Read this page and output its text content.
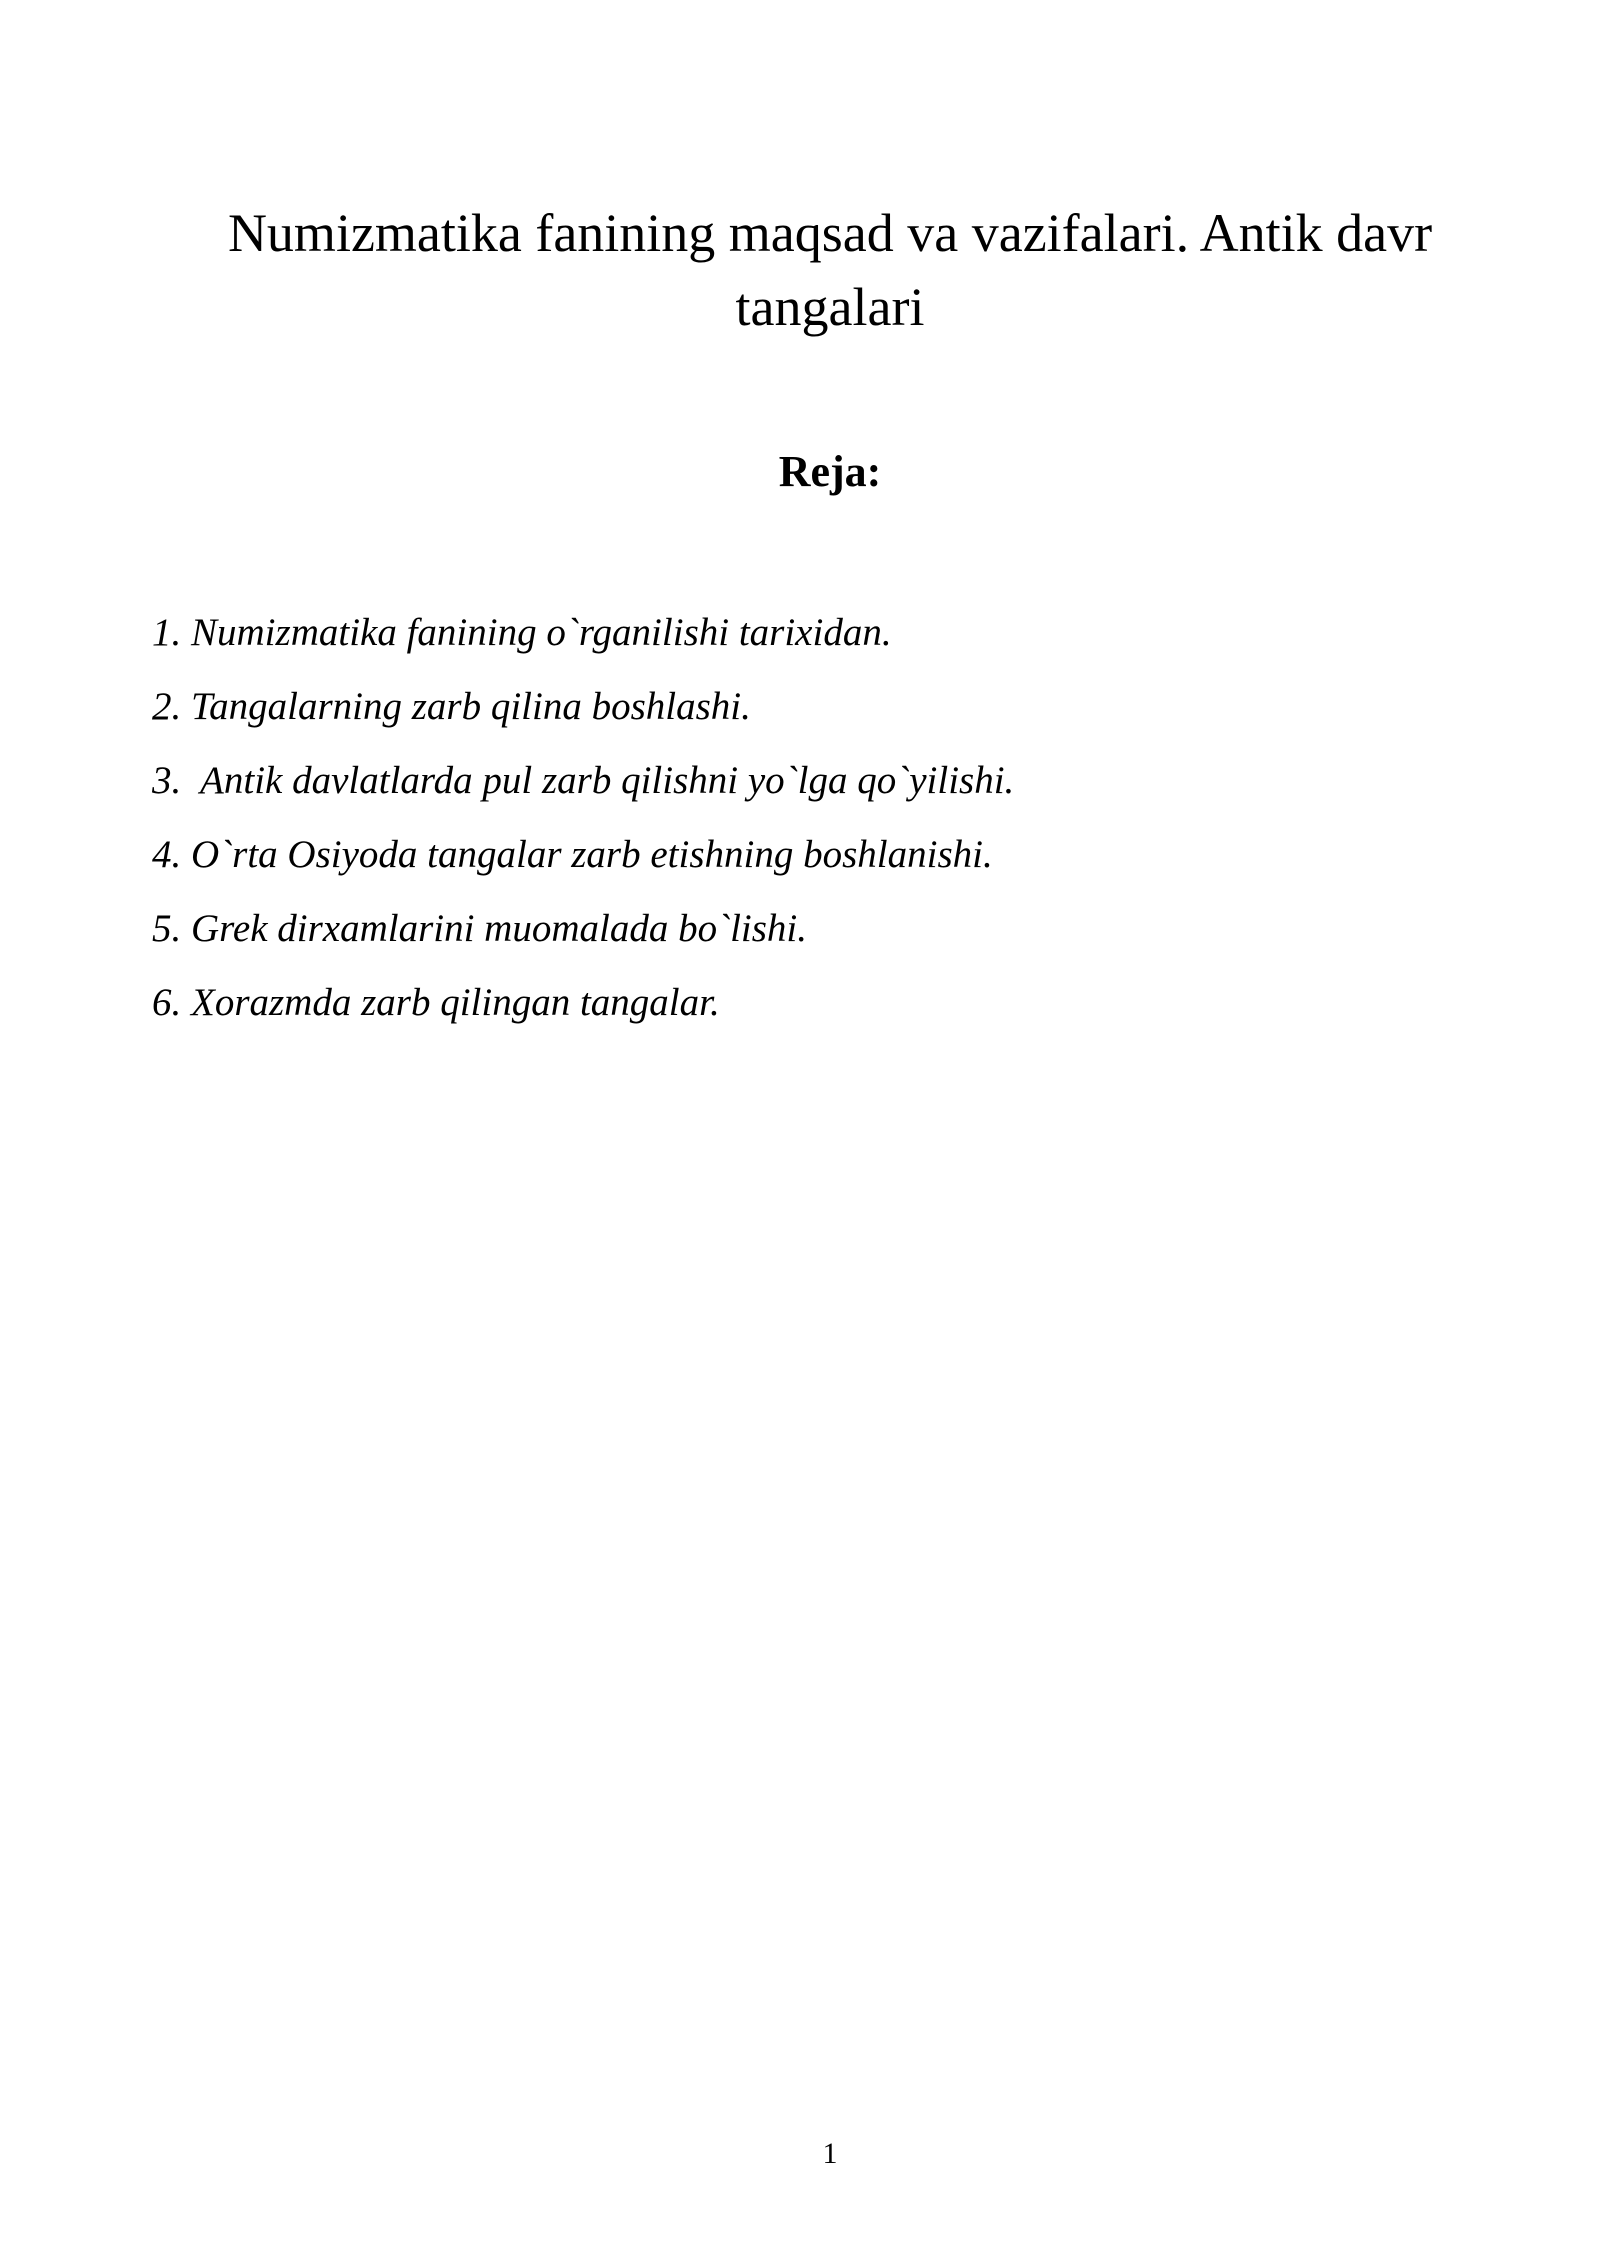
Numizmatika fanining maqsad va vazifalari. Antik davr tangalari
Reja:
1. Numizmatika fanining o`rganilishi tarixidan.
2. Tangalarning zarb qilina boshlashi.
3.  Antik davlatlarda pul zarb qilishni yo`lga qo`yilishi.
4. O`rta Osiyoda tangalar zarb etishning boshlanishi.
5. Grek dirxamlarini muomalada bo`lishi.
6. Xorazmda zarb qilingan tangalar.
1
